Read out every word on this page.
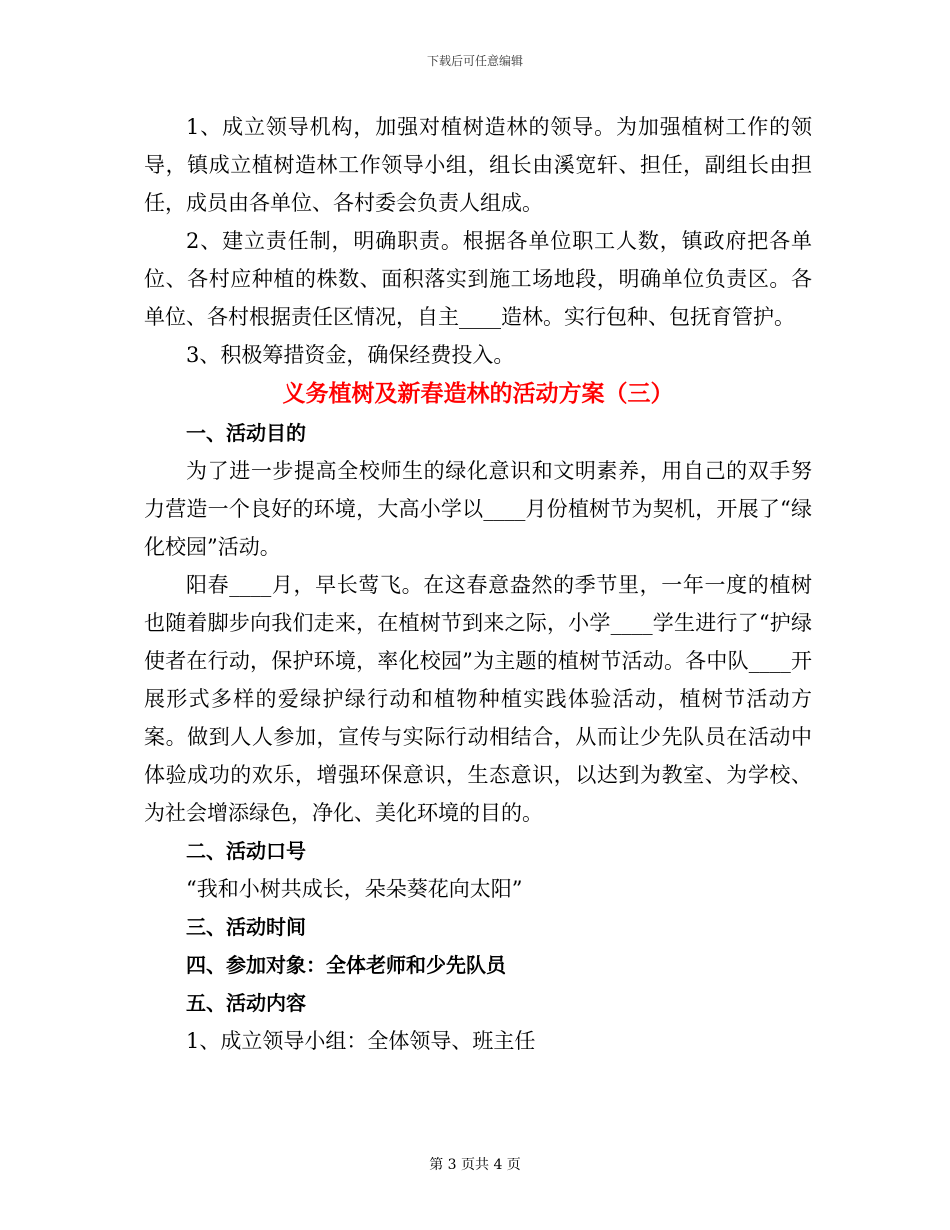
下载后可任意编辑

1、成立领导机构，加强对植树造林的领导。为加强植树工作的领导，镇成立植树造林工作领导小组，组长由溪宽轩、担任，副组长由担任，成员由各单位、各村委会负责人组成。

2、建立责任制，明确职责。根据各单位职工人数，镇政府把各单位、各村应种植的株数、面积落实到施工场地段，明确单位负责区。各单位、各村根据责任区情况，自主____造林。实行包种、包抚育管护。

3、积极筹措资金，确保经费投入。

义务植树及新春造林的活动方案（三）

一、活动目的

为了进一步提高全校师生的绿化意识和文明素养，用自己的双手努力营造一个良好的环境，大高小学以____月份植树节为契机，开展了“绿化校园”活动。

阳春____月，早长莺飞。在这春意盎然的季节里，一年一度的植树也随着脚步向我们走来，在植树节到来之际，小学____学生进行了“护绿使者在行动，保护环境，率化校园”为主题的植树节活动。各中队____开展形式多样的爱绿护绿行动和植物种植实践体验活动，植树节活动方案。做到人人参加，宣传与实际行动相结合，从而让少先队员在活动中体验成功的欢乐，增强环保意识，生态意识，以达到为教室、为学校、为社会增添绿色，净化、美化环境的目的。

二、活动口号

“我和小树共成长，朵朵葵花向太阳”

三、活动时间

四、参加对象：全体老师和少先队员

五、活动内容

1、成立领导小组：全体领导、班主任

第 3 页共 4 页
